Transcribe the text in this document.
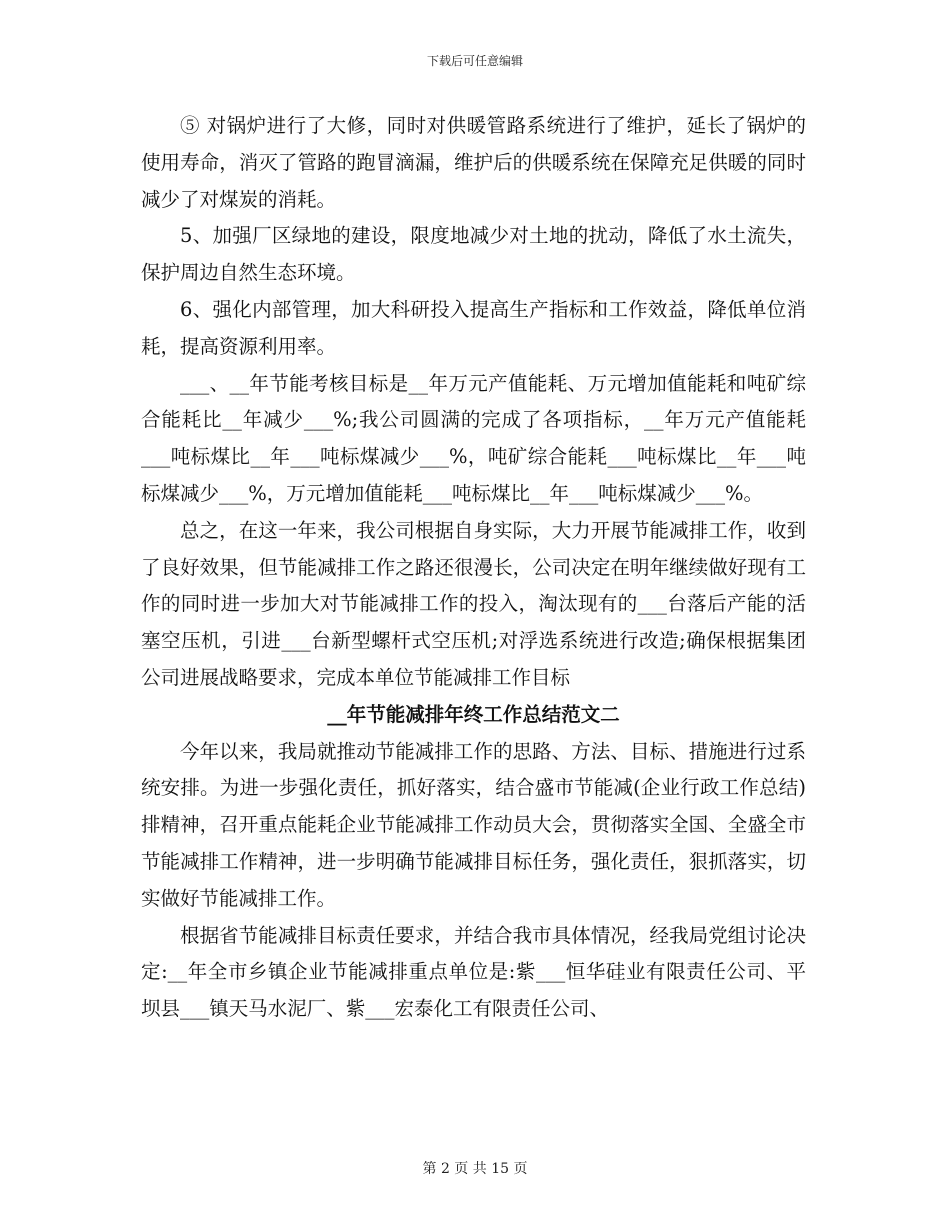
下载后可任意编辑

⑤ 对锅炉进行了大修，同时对供暖管路系统进行了维护，延长了锅炉的使用寿命，消灭了管路的跑冒滴漏，维护后的供暖系统在保障充足供暖的同时减少了对煤炭的消耗。

5、加强厂区绿地的建设，限度地减少对土地的扰动，降低了水土流失，保护周边自然生态环境。

6、强化内部管理，加大科研投入提高生产指标和工作效益，降低单位消耗，提高资源利用率。

___、__年节能考核目标是__年万元产值能耗、万元增加值能耗和吨矿综合能耗比__年减少___%;我公司圆满的完成了各项指标，__年万元产值能耗___吨标煤比__年___吨标煤减少___%，吨矿综合能耗___吨标煤比__年___吨标煤减少___%，万元增加值能耗___吨标煤比__年___吨标煤减少___%。

总之，在这一年来，我公司根据自身实际，大力开展节能减排工作，收到了良好效果，但节能减排工作之路还很漫长，公司决定在明年继续做好现有工作的同时进一步加大对节能减排工作的投入，淘汰现有的___台落后产能的活塞空压机，引进___台新型螺杆式空压机;对浮选系统进行改造;确保根据集团公司进展战略要求，完成本单位节能减排工作目标

__年节能减排年终工作总结范文二

今年以来，我局就推动节能减排工作的思路、方法、目标、措施进行过系统安排。为进一步强化责任，抓好落实，结合盛市节能减(企业行政工作总结)排精神，召开重点能耗企业节能减排工作动员大会，贯彻落实全国、全盛全市节能减排工作精神，进一步明确节能减排目标任务，强化责任，狠抓落实，切实做好节能减排工作。

根据省节能减排目标责任要求，并结合我市具体情况，经我局党组讨论决定:__年全市乡镇企业节能减排重点单位是:紫___恒华硅业有限责任公司、平坝县___镇天马水泥厂、紫___宏泰化工有限责任公司、

第 2 页 共 15 页
